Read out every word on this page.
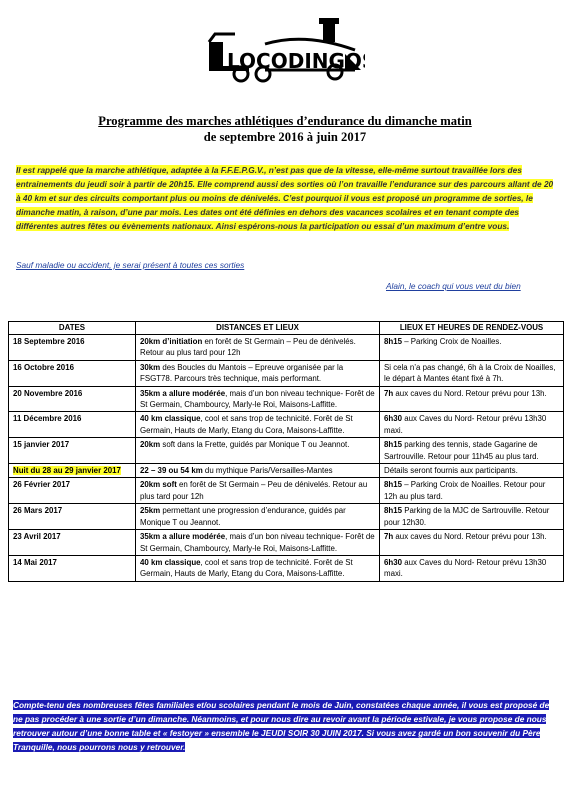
LOCODINGOS
Programme des marches athlétiques d’endurance du dimanche matin
de septembre 2016 à juin 2017
Il est rappelé que la marche athlétique, adaptée à la F.F.E.P.G.V., n’est pas que de la vitesse, elle-même surtout travaillée lors des entrainements du jeudi soir à partir de 20h15. Elle comprend aussi des sorties où l’on travaille l’endurance sur des parcours allant de 20 à 40 km et sur des circuits comportant plus ou moins de dénivelés. C’est pourquoi il vous est proposé un programme de sorties, le dimanche matin, à raison, d’une par mois. Les dates ont été définies en dehors des vacances scolaires et en tenant compte des différentes autres fêtes ou évènements nationaux. Ainsi espérons-nous la participation ou essai d’un maximum d’entre vous.
Sauf maladie ou accident, je serai présent à toutes ces sorties
Alain, le coach qui vous veut du bien
DATES	DISTANCES ET LIEUX	LIEUX ET HEURES DE RENDEZ-VOUS
18 Septembre 2016	20km d’initiation en forêt de St Germain – Peu de dénivelés. Retour au plus tard pour 12h	8h15 – Parking Croix de Noailles.
16 Octobre 2016	30km des Boucles du Mantois – Epreuve organisée par la FSGT78. Parcours très technique, mais performant.	Si cela n’a pas changé, 6h à la Croix de Noailles, le départ à Mantes étant fixé à 7h.
20 Novembre 2016	35km a allure modérée, mais d’un bon niveau technique- Forêt de St Germain, Chambourcy, Marly-le Roi, Maisons-Laffitte.	7h aux caves du Nord. Retour prévu pour 13h.
11 Décembre 2016	40 km classique, cool et sans trop de technicité. Forêt de St Germain, Hauts de Marly, Etang du Cora, Maisons-Laffitte.	6h30 aux Caves du Nord- Retour prévu 13h30 maxi.
15 janvier 2017	20km soft dans la Frette, guidés par Monique T ou Jeannot.	8h15 parking des tennis, stade Gagarine de Sartrouville. Retour pour 11h45 au plus tard.
Nuit du 28 au 29 janvier 2017	22 – 39 ou 54 km du mythique Paris/Versailles-Mantes	Détails seront fournis aux participants.
26 Février 2017	20km soft en forêt de St Germain – Peu de dénivelés. Retour au plus tard pour 12h	8h15 – Parking Croix de Noailles. Retour pour 12h au plus tard.
26 Mars 2017	25km permettant une progression d’endurance, guidés par Monique T ou Jeannot.	8h15 Parking de la MJC de Sartrouville. Retour pour 12h30.
23 Avril 2017	35km a allure modérée, mais d’un bon niveau technique- Forêt de St Germain, Chambourcy, Marly-le Roi, Maisons-Laffitte.	7h aux caves du Nord. Retour prévu pour 13h.
14 Mai 2017	40 km classique, cool et sans trop de technicité. Forêt de St Germain, Hauts de Marly, Etang du Cora, Maisons-Laffitte.	6h30 aux Caves du Nord- Retour prévu 13h30 maxi.
Compte-tenu des nombreuses fêtes familiales et/ou scolaires pendant le mois de Juin, constatées chaque année, il vous est proposé de ne pas procéder à une sortie d’un dimanche. Néanmoins, et pour nous dire au revoir avant la période estivale, je vous propose de nous retrouver autour d’une bonne table et « festoyer » ensemble le JEUDI SOIR 30 JUIN 2017. Si vous avez gardé un bon souvenir du Père Tranquille, nous pourrons nous y retrouver.
